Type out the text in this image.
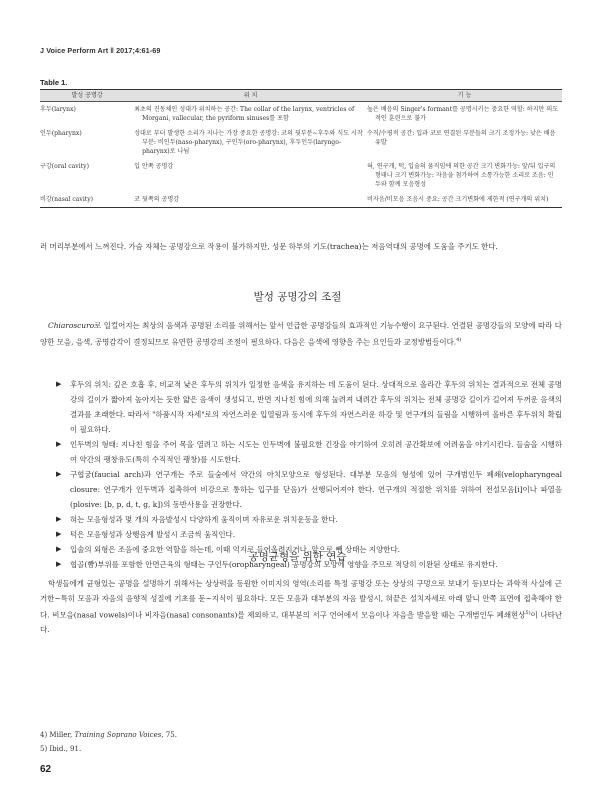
J Voice Perform Art ‖ 2017;4:61-69
Table 1.
발성 공명강	위 치	기 능
후두(larynx)	최초의 진동체인 성대가 위치하는 공간: The collar of the larynx, ventricles of Morgani, vallecular, the pyriform sinuses를 포함	높은 배음의 Singer's formant를 공명시키는 중요한 역할: 하지만 의도적인 훈련으로 불가
인두(pharynx)	성대로 부터 발생한 소리가 지나는 가장 중요한 공명강: 코의 뒷부분~후두와 식도 시작부분: 비인두(naso-pharynx), 구인두(oro-pharynx), 후두인두(laryngo-pharynx)로 나뉨	수직/수평적 공간: 입과 코로 연결된 부분들의 크기 조정가능: 낮은 배음 유발
구강(oral cavity)	입 안쪽 공명강	혀, 연구개, 턱, 입술의 움직임에 의한 공간 크기 변화가능: 앞/뒤 입구의 형태나 크기 변화가능: 자음을 첨가하여 소통가능한 소리로 조음: 인두와 함께 모음형성
비강(nasal cavity)	코 뒷쪽의 공명강	비자음/비모음 조음시 중요: 공간 크기변화에 제한적 (연구개의 위치)
러 머리부분에서 느껴진다. 가슴 자체는 공명강으로 작용이 불가하지만, 성문 하부의 기도(trachea)는 저음역대의 공명에 도움을 주기도 한다.
발성 공명강의 조절
Chiaroscuro로 일컬어지는 최상의 음색과 공명된 소리를 위해서는 앞서 언급한 공명강들의 효과적인 기능수행이 요구된다. 연결된 공명강들의 모양에 따라 다양한 모음, 음색, 공명감각이 결정되므로 유연한 공명강의 조절이 필요하다. 다음은 음색에 영향을 주는 요인들과 교정방법들이다.$^{4)}$
▶ 후두의 위치: 깊은 호흡 후, 비교적 낮은 후두의 위치가 일정한 음색을 유지하는 데 도움이 된다. 상대적으로 올라간 후두의 위치는 결과적으로 전체 공명강의 길이가 짧아져 높아지는 듯한 얇은 음색이 생성되고, 반면 지나친 힘에 의해 눌려져 내려간 후두의 위치는 전체 공명강 길이가 길어져 두꺼운 음색의 결과를 초래한다. 따라서 "하품시작 자세"로의 자연스러운 입열림과 동시에 후두의 자연스러운 하강 및 연구개의 들림을 시행하여 올바른 후두위치 확립이 필요하다.
▶ 인두벽의 형태: 지나친 힘을 주어 목을 열려고 하는 시도는 인두벽에 불필요한 긴장을 야기하여 오히려 공간확보에 어려움을 야기시킨다. 들숨을 시행하여 약간의 팽창유도(특히 수직적인 팽창)를 시도한다.
▶ 구협궁(faucial arch)과 연구개는 주로 들숨에서 약간의 아치모양으로 형성된다. 대부분 모음의 형성에 있어 구개범인두 폐쇄(velopharyngeal closure: 연구개가 인두벽과 접촉하여 비강으로 통하는 입구를 닫음)가 선행되어져야 한다. 연구개의 적절한 위치를 위하여 전설모음[i]이나 파열음(plosive: [b, p, d, t, g, k])의 동반사용을 권장한다.
▶ 혀는 모음형성과 몇 개의 자음발성시 다양하게 움직이며 자유로운 위치운동을 한다.
▶ 턱은 모음형성과 상행음계 발성시 조금씩 움직인다.
▶ 입술의 외형은 조음에 중요한 역할을 하는데, 이때 억지로 들어올려지거나, 앞으로 뺀 상태는 지양한다.
▶ 협골(뺨)부위를 포함한 안면근육의 형태는 구인두(oropharyngeal) 공명강의 모양에 영향을 주므로 적당히 이완된 상태로 유지한다.
공명균형을 위한 연습
학생들에게 균형있는 공명을 설명하기 위해서는 상상력을 동원한 이미지의 영역(소리를 특정 공명강 또는 상상의 구멍으로 보내기 등)보다는 과학적 사실에 근거한~특히 모음과 자음의 음향적 성질에 기초를 둔~지식이 필요하다. 모든 모음과 대부분의 자음 발성시, 혀끝은 설치자세로 아래 앞니 안쪽 표면에 접촉해야 한다. 비모음(nasal vowels)이나 비자음(nasal consonants)를 제외하고, 대부분의 서구 언어에서 모음이나 자음을 발음할 때는 구개범인두 폐쇄현상$^{5)}$이 나타난다.
4) Miller, Training Soprano Voices, 75.
5) Ibid., 91.
62
